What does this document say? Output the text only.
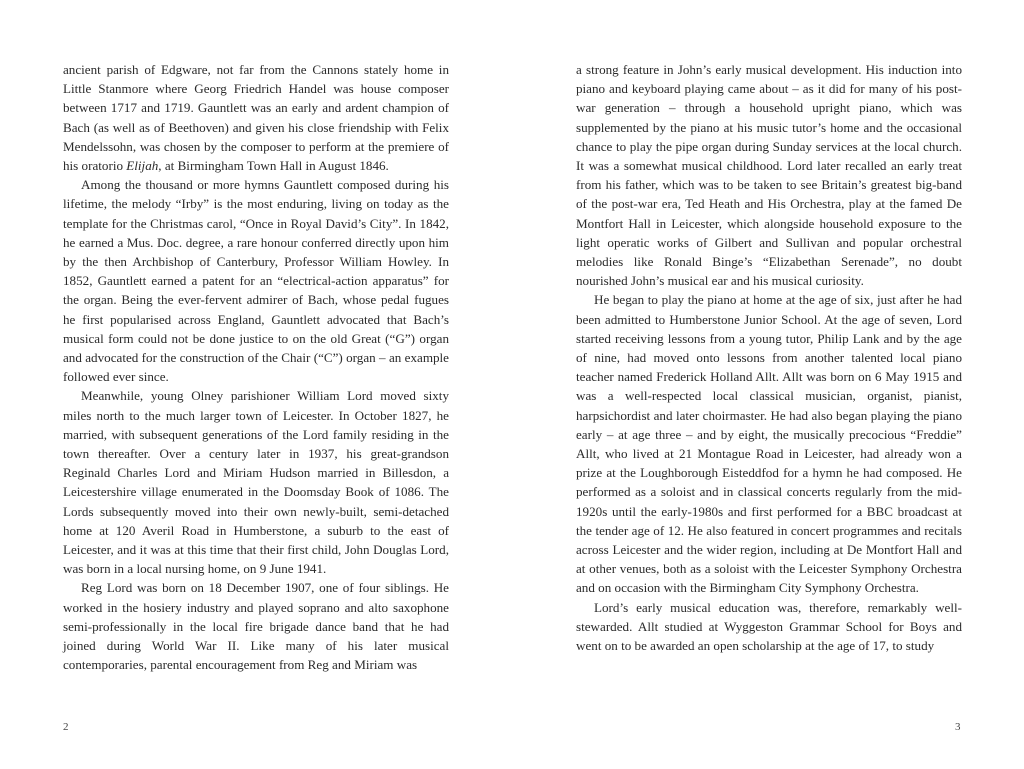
ancient parish of Edgware, not far from the Cannons stately home in Little Stanmore where Georg Friedrich Handel was house composer between 1717 and 1719. Gauntlett was an early and ardent champion of Bach (as well as of Beethoven) and given his close friendship with Felix Mendelssohn, was chosen by the composer to perform at the premiere of his oratorio Elijah, at Birmingham Town Hall in August 1846.

Among the thousand or more hymns Gauntlett composed during his lifetime, the melody “Irby” is the most enduring, living on today as the template for the Christmas carol, “Once in Royal David’s City”. In 1842, he earned a Mus. Doc. degree, a rare honour conferred directly upon him by the then Archbishop of Canterbury, Professor William Howley. In 1852, Gauntlett earned a patent for an “electrical-action apparatus” for the organ. Being the ever-fervent admirer of Bach, whose pedal fugues he first popularised across England, Gauntlett advocated that Bach’s musical form could not be done justice to on the old Great (“G”) organ and advocated for the construction of the Chair (“C”) organ – an example followed ever since.

Meanwhile, young Olney parishioner William Lord moved sixty miles north to the much larger town of Leicester. In October 1827, he married, with subsequent generations of the Lord family residing in the town thereafter. Over a century later in 1937, his great-grandson Reginald Charles Lord and Miriam Hudson married in Billesdon, a Leicestershire village enumerated in the Doomsday Book of 1086. The Lords subsequently moved into their own newly-built, semi-detached home at 120 Averil Road in Humberstone, a suburb to the east of Leicester, and it was at this time that their first child, John Douglas Lord, was born in a local nursing home, on 9 June 1941.

Reg Lord was born on 18 December 1907, one of four siblings. He worked in the hosiery industry and played soprano and alto saxophone semi-professionally in the local fire brigade dance band that he had joined during World War II. Like many of his later musical contemporaries, parental encouragement from Reg and Miriam was

2

a strong feature in John’s early musical development. His induction into piano and keyboard playing came about – as it did for many of his post-war generation – through a household upright piano, which was supplemented by the piano at his music tutor’s home and the occasional chance to play the pipe organ during Sunday services at the local church. It was a somewhat musical childhood. Lord later recalled an early treat from his father, which was to be taken to see Britain’s greatest big-band of the post-war era, Ted Heath and His Orchestra, play at the famed De Montfort Hall in Leicester, which alongside household exposure to the light operatic works of Gilbert and Sullivan and popular orchestral melodies like Ronald Binge’s “Elizabethan Serenade”, no doubt nourished John’s musical ear and his musical curiosity.

He began to play the piano at home at the age of six, just after he had been admitted to Humberstone Junior School. At the age of seven, Lord started receiving lessons from a young tutor, Philip Lank and by the age of nine, had moved onto lessons from another talented local piano teacher named Frederick Holland Allt. Allt was born on 6 May 1915 and was a well-respected local classical musician, organist, pianist, harpsichordist and later choirmaster. He had also began playing the piano early – at age three – and by eight, the musically precocious “Freddie” Allt, who lived at 21 Montague Road in Leicester, had already won a prize at the Loughborough Eisteddfod for a hymn he had composed. He performed as a soloist and in classical concerts regularly from the mid-1920s until the early-1980s and first performed for a BBC broadcast at the tender age of 12. He also featured in concert programmes and recitals across Leicester and the wider region, including at De Montfort Hall and at other venues, both as a soloist with the Leicester Symphony Orchestra and on occasion with the Birmingham City Symphony Orchestra.

Lord’s early musical education was, therefore, remarkably well-stewarded. Allt studied at Wyggeston Grammar School for Boys and went on to be awarded an open scholarship at the age of 17, to study

3
